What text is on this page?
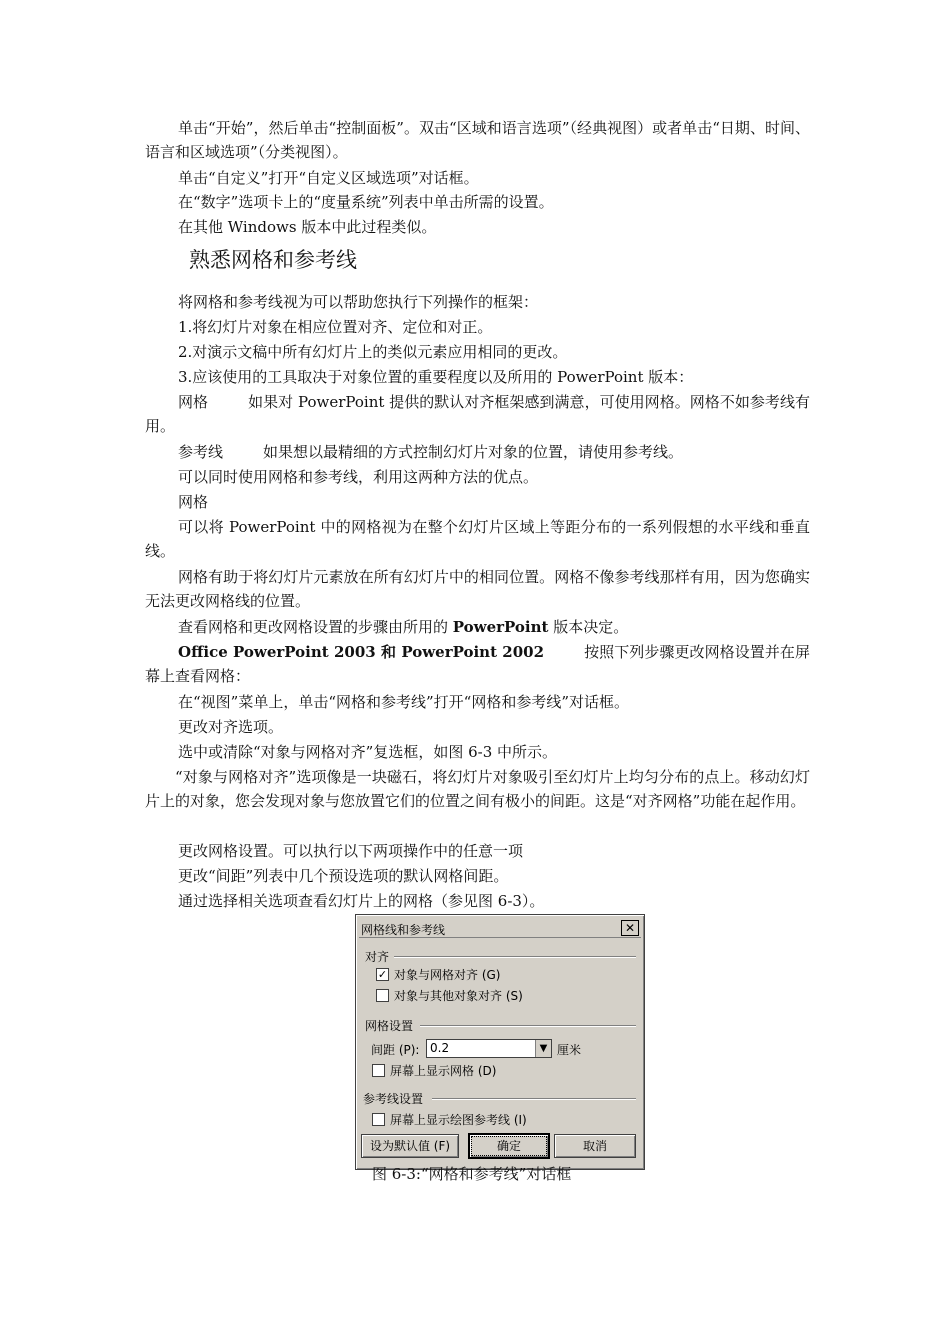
单击“开始”，然后单击“控制面板”。双击“区域和语言选项”（经典视图）或者单击“日期、时间、语言和区域选项”（分类视图）。
单击“自定义”打开“自定义区域选项”对话框。
在“数字”选项卡上的“度量系统”列表中单击所需的设置。
在其他 Windows 版本中此过程类似。
熟悉网格和参考线
将网格和参考线视为可以帮助您执行下列操作的框架：
1.将幻灯片对象在相应位置对齐、定位和对正。
2.对演示文稿中所有幻灯片上的类似元素应用相同的更改。
3.应该使用的工具取决于对象位置的重要程度以及所用的 PowerPoint 版本：
网格	如果对 PowerPoint 提供的默认对齐框架感到满意，可使用网格。网格不如参考线有用。
参考线	如果想以最精细的方式控制幻灯片对象的位置，请使用参考线。
可以同时使用网格和参考线，利用这两种方法的优点。
网格
可以将 PowerPoint 中的网格视为在整个幻灯片区域上等距分布的一系列假想的水平线和垂直线。
网格有助于将幻灯片元素放在所有幻灯片中的相同位置。网格不像参考线那样有用，因为您确实无法更改网格线的位置。
查看网格和更改网格设置的步骤由所用的 PowerPoint 版本决定。
Office PowerPoint 2003 和 PowerPoint 2002	按照下列步骤更改网格设置并在屏幕上查看网格：
在“视图”菜单上，单击“网格和参考线”打开“网格和参考线”对话框。
更改对齐选项。
选中或清除“对象与网格对齐”复选框，如图 6-3 中所示。
“对象与网格对齐”选项像是一块磁石，将幻灯片对象吸引至幻灯片上均匀分布的点上。移动幻灯片上的对象，您会发现对象与您放置它们的位置之间有极小的间距。这是“对齐网格”功能在起作用。
更改网格设置。可以执行以下两项操作中的任意一项
更改“间距”列表中几个预设选项的默认网格间距。
通过选择相关选项查看幻灯片上的网格（参见图 6-3）。
网格线和参考线	✕
对齐
✓ 对象与网格对齐 (G)
对象与其他对象对齐 (S)
网格设置
间距 (P): 0.2	▼ 厘米
屏幕上显示网格 (D)
参考线设置
屏幕上显示绘图参考线 (I)
设为默认值 (F)	确定	取消
图 6-3:“网格和参考线”对话框
